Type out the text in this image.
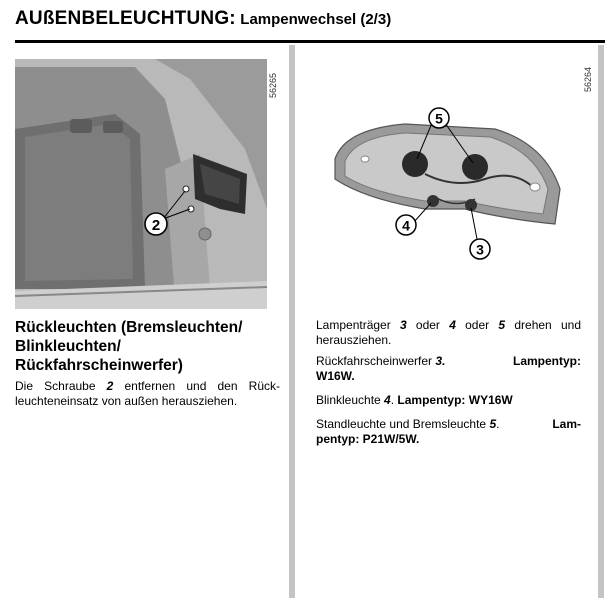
AUßENBELEUCHTUNG: Lampenwechsel (2/3)
2
56265
5
4
3
56264
Rückleuchten (Bremsleuchten/
Blinkleuchten/
Rückfahrscheinwerfer)
Die Schraube 2 entfernen und den Rück-leuchteneinsatz von außen herausziehen.
Lampenträger 3 oder 4 oder 5 drehen und herausziehen.
Rückfahrscheinwerfer 3.	Lampentyp:
W16W.
Blinkleuchte 4. Lampentyp: WY16W
Standleuchte und Bremsleuchte 5.	Lam-
pentyp: P21W/5W.
